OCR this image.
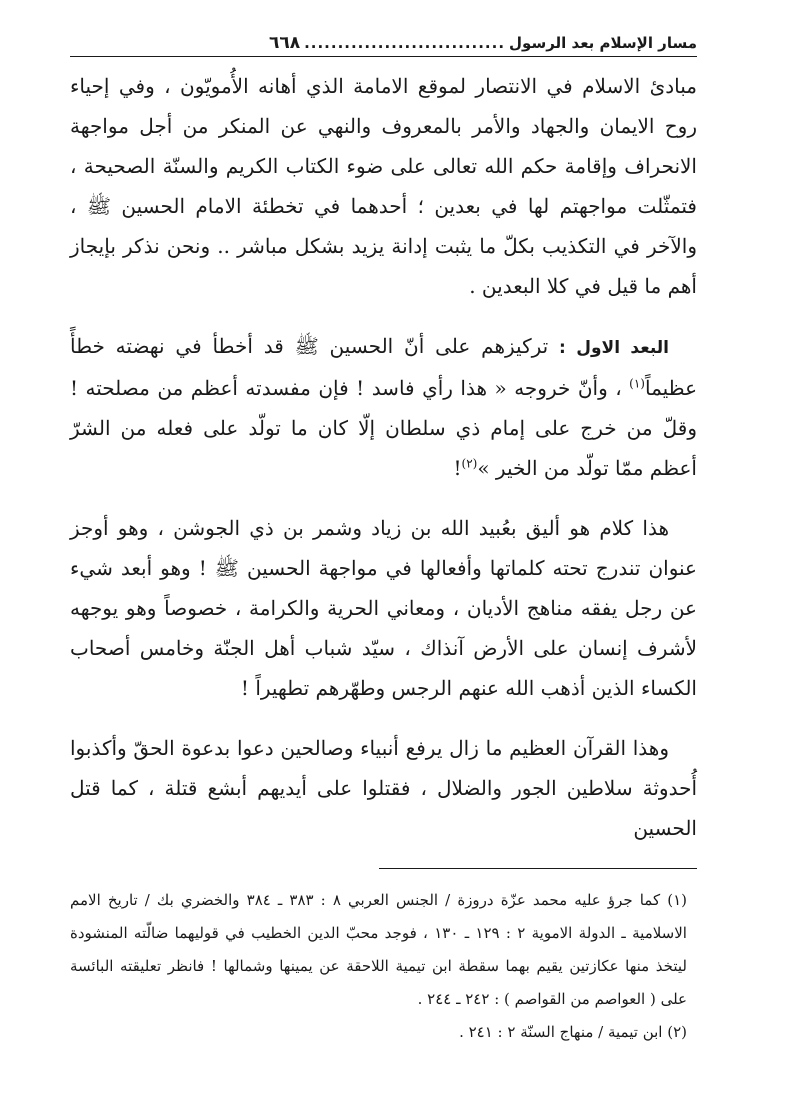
مسار الإسلام بعد الرسول
..............................
٦٦٨

مبادئ الاسلام في الانتصار لموقع الامامة الذي أهانه الأُمويّون ، وفي إحياء روح الايمان والجهاد والأمر بالمعروف والنهي عن المنكر من أجل مواجهة الانحراف وإقامة حكم الله تعالى على ضوء الكتاب الكريم والسنّة الصحيحة ، فتمثّلت مواجهتم لها في بعدين ؛ أحدهما في تخطئة الامام الحسين ﷺ ، والآخر في التكذيب بكلّ ما يثبت إدانة يزيد بشكل مباشر .. ونحن نذكر بإيجاز أهم ما قيل في كلا البعدين .

البعد الاول : تركيزهم على أنّ الحسين ﷺ قد أخطأ في نهضته خطأً عظيماً$^{(١)}$ ، وأنّ خروجه « هذا رأي فاسد ! فإن مفسدته أعظم من مصلحته ! وقلّ من خرج على إمام ذي سلطان إلّا كان ما تولّد على فعله من الشرّ أعظم ممّا تولّد من الخير »$^{(٢)}$!

هذا كلام هو أليق بعُبيد الله بن زياد وشمر بن ذي الجوشن ، وهو أوجز عنوان تندرج تحته كلماتها وأفعالها في مواجهة الحسين ﷺ ! وهو أبعد شيء عن رجل يفقه مناهج الأديان ، ومعاني الحرية والكرامة ، خصوصاً وهو يوجهه لأشرف إنسان على الأرض آنذاك ، سيّد شباب أهل الجنّة وخامس أصحاب الكساء الذين أذهب الله عنهم الرجس وطهّرهم تطهيراً !

وهذا القرآن العظيم ما زال يرفع أنبياء وصالحين دعوا بدعوة الحقّ وأكذبوا أُحدوثة سلاطين الجور والضلال ، فقتلوا على أيديهم أبشع قتلة ، كما قتل الحسين

(١) كما جرؤ عليه محمد عزّة دروزة / الجنس العربي ٨ : ٣٨٣ ـ ٣٨٤ والخضري بك / تاريخ الامم الاسلامية ـ الدولة الاموية ٢ : ١٢٩ ـ ١٣٠ ، فوجد محبّ الدين الخطيب في قوليهما ضالّته المنشودة ليتخذ منها عكازتين يقيم بهما سقطة ابن تيمية اللاحقة عن يمينها وشمالها ! فانظر تعليقته البائسة على ( العواصم من القواصم ) : ٢٤٢ ـ ٢٤٤ .

(٢) ابن تيمية / منهاج السنّة ٢ : ٢٤١ .
